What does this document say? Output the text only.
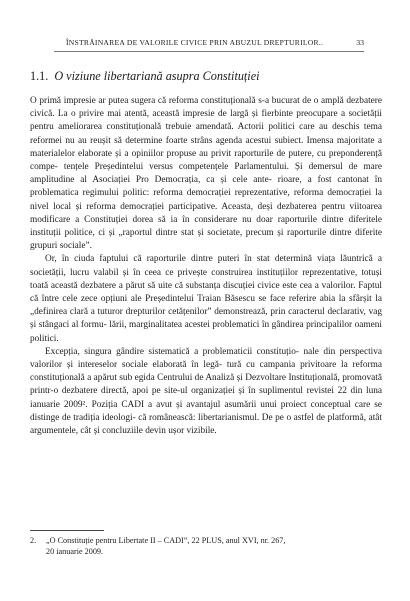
ÎNSTRĂINAREA DE VALORILE CIVICE PRIN ABUZUL DREPTURILOR..	33
1.1. O viziune libertariană asupra Constituției

O primă impresie ar putea sugera că reforma constituțională s-a bucurat de o amplă dezbatere civică. La o privire mai atentă, această impresie de largă și fierbinte preocupare a societății pentru ameliorarea constituțională trebuie amendată. Actorii politici care au deschis tema reformei nu au reușit să determine foarte strâns agenda acestui subiect. Imensa majoritate a materialelor elaborate și a opiniilor propuse au privit raporturile de putere, cu preponderență compe- tențele Președintelui versus competențele Parlamentului. Și demersul de mare amplitudine al Asociației Pro Democrația, ca și cele ante- rioare, a fost cantonat în problematica regimului politic: reforma democrației reprezentative, reforma democrației la nivel local și reforma democrației participative. Aceasta, deși dezbaterea pentru viitoarea modificare a Constituției dorea să ia în considerare nu doar raporturile dintre diferitele instituții politice, ci și „raportul dintre stat și societate, precum și raporturile dintre diferite grupuri sociale”.

Or, în ciuda faptului că raporturile dintre puteri în stat determină viața lăuntrică a societății, lucru valabil și în ceea ce privește construirea instituțiilor reprezentative, totuși toată această dezbatere a părut să uite că substanța discuției civice este cea a valorilor. Faptul că între cele zece opțiuni ale Președintelui Traian Băsescu se face referire abia la sfârșit la „definirea clară a tuturor drepturilor cetățenilor” demonstrează, prin caracterul declarativ, vag și stângaci al formu- lării, marginalitatea acestei problematici în gândirea principalilor oameni politici.

Excepția, singura gândire sistematică a problematicii constituțio- nale din perspectiva valorilor și intereselor sociale elaborată în legă- tură cu campania privitoare la reforma constituțională a apărut sub egida Centrului de Analiză și Dezvoltare Instituțională, promovată printr-o dezbatere directă, apoi pe site-ul organizației și în suplimentul revistei 22 din luna ianuarie 2009². Poziția CADI a avut și avantajul asumării unui proiect conceptual care se distinge de tradiția ideologi- că românească: libertarianismul. De pe o astfel de platformă, atât argumentele, cât și concluziile devin ușor vizibile.

2. „O Constituție pentru Libertate II – CADI”, 22 PLUS, anul XVI, nr. 267,
20 ianuarie 2009.
